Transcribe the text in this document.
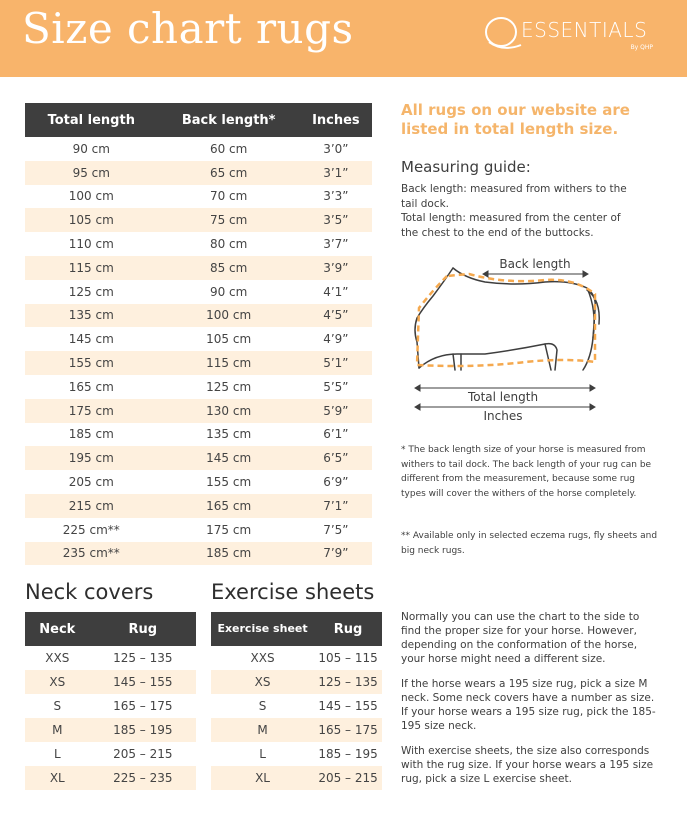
Size chart rugs	ESSENTIALS
By QHP
Total length	Back length*	Inches
90 cm	60 cm	3’0”
95 cm	65 cm	3’1”
100 cm	70 cm	3’3”
105 cm	75 cm	3’5”
110 cm	80 cm	3’7”
115 cm	85 cm	3’9”
125 cm	90 cm	4’1”
135 cm	100 cm	4’5”
145 cm	105 cm	4’9”
155 cm	115 cm	5’1”
165 cm	125 cm	5’5”
175 cm	130 cm	5’9”
185 cm	135 cm	6’1”
195 cm	145 cm	6’5”
205 cm	155 cm	6’9”
215 cm	165 cm	7’1”
225 cm**	175 cm	7’5”
235 cm**	185 cm	7’9”
All rugs on our website are listed in total length size.
Measuring guide:
Back length: measured from withers to the tail dock.
Total length: measured from the center of the chest to the end of the buttocks.
Back length
Total length
Inches
* The back length size of your horse is measured from withers to tail dock. The back length of your rug can be different from the measurement, because some rug types will cover the withers of the horse completely.
** Available only in selected eczema rugs, fly sheets and big neck rugs.
Neck covers	Exercise sheets
Neck	Rug
XXS	125 – 135
XS	145 – 155
S	165 – 175
M	185 – 195
L	205 – 215
XL	225 – 235
Exercise sheet	Rug
XXS	105 – 115
XS	125 – 135
S	145 – 155
M	165 – 175
L	185 – 195
XL	205 – 215

Normally you can use the chart to the side to find the proper size for your horse. However, depending on the conformation of the horse, your horse might need a different size.

If the horse wears a 195 size rug, pick a size M neck. Some neck covers have a number as size. If your horse wears a 195 size rug, pick the 185-195 size neck.

With exercise sheets, the size also corresponds with the rug size. If your horse wears a 195 size rug, pick a size L exercise sheet.
